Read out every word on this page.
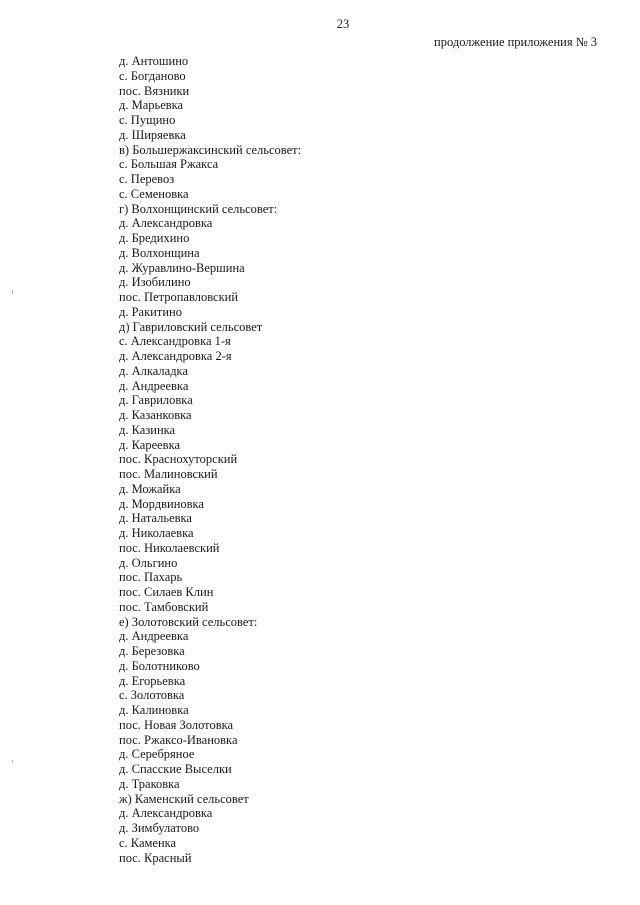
23
продолжение приложения № 3
д. Антошино
с. Богданово
пос. Вязники
д. Марьевка
с. Пущино
д. Ширяевка
в) Большержаксинский сельсовет:
с. Большая Ржакса
с. Перевоз
с. Семеновка
г) Волхонщинский сельсовет:
д. Александровка
д. Бредихино
д. Волхонщина
д. Журавлино-Вершина
д. Изобилино
пос. Петропавловский
д. Ракитино
д) Гавриловский сельсовет
с. Александровка 1-я
д. Александровка 2-я
д. Алкаладка
д. Андреевка
д. Гавриловка
д. Казанковка
д. Казинка
д. Кареевка
пос. Краснохуторский
пос. Малиновский
д. Можайка
д. Мордвиновка
д. Натальевка
д. Николаевка
пос. Николаевский
д. Ольгино
пос. Пахарь
пос. Силаев Клин
пос. Тамбовский
е) Золотовский сельсовет:
д. Андреевка
д. Березовка
д. Болотниково
д. Егорьевка
с. Золотовка
д. Калиновка
пос. Новая Золотовка
пос. Ржаксо-Ивановка
д. Серебряное
д. Спасские Выселки
д. Траковка
ж) Каменский сельсовет
д. Александровка
д. Зимбулатово
с. Каменка
пос. Красный
